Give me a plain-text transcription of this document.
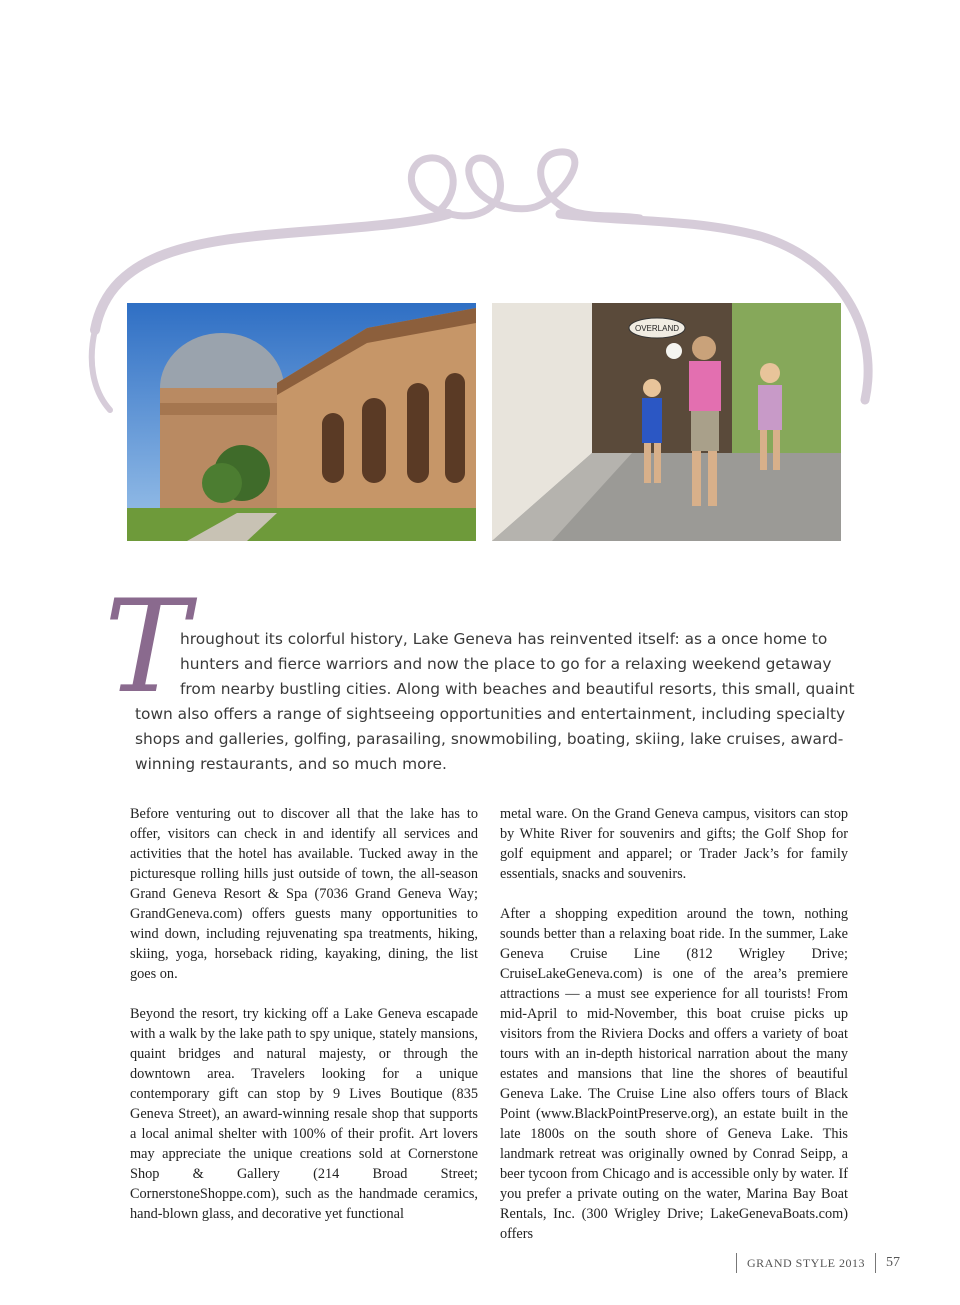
OVERLAND
T
hroughout its colorful history, Lake Geneva has reinvented itself: as a once home to
hunters and fierce warriors and now the place to go for a relaxing weekend getaway
from nearby bustling cities. Along with beaches and beautiful resorts, this small, quaint
town also offers a range of sightseeing opportunities and entertainment, including specialty
shops and galleries, golfing, parasailing, snowmobiling, boating, skiing, lake cruises, award-
winning restaurants, and so much more.

Before venturing out to discover all that the lake has to offer, visitors can check in and identify all services and activities that the hotel has available. Tucked away in the picturesque rolling hills just outside of town, the all-season Grand Geneva Resort & Spa (7036 Grand Geneva Way; GrandGeneva.com) offers guests many opportunities to wind down, including rejuvenating spa treatments, hiking, skiing, yoga, horseback riding, kayaking, dining, the list goes on.

Beyond the resort, try kicking off a Lake Geneva escapade with a walk by the lake path to spy unique, stately mansions, quaint bridges and natural majesty, or through the downtown area. Travelers looking for a unique contemporary gift can stop by 9 Lives Boutique (835 Geneva Street), an award-winning resale shop that supports a local animal shelter with 100% of their profit. Art lovers may appreciate the unique creations sold at Cornerstone Shop & Gallery (214 Broad Street; CornerstoneShoppe.com), such as the handmade ceramics, hand-blown glass, and decorative yet functional

metal ware. On the Grand Geneva campus, visitors can stop by White River for souvenirs and gifts; the Golf Shop for golf equipment and apparel; or Trader Jack’s for family essentials, snacks and souvenirs.

After a shopping expedition around the town, nothing sounds better than a relaxing boat ride. In the summer, Lake Geneva Cruise Line (812 Wrigley Drive; CruiseLakeGeneva.com) is one of the area’s premiere attractions — a must see experience for all tourists! From mid-April to mid-November, this boat cruise picks up visitors from the Riviera Docks and offers a variety of boat tours with an in-depth historical narration about the many estates and mansions that line the shores of beautiful Geneva Lake. The Cruise Line also offers tours of Black Point (www.BlackPointPreserve.org), an estate built in the late 1800s on the south shore of Geneva Lake. This landmark retreat was originally owned by Conrad Seipp, a beer tycoon from Chicago and is accessible only by water. If you prefer a private outing on the water, Marina Bay Boat Rentals, Inc. (300 Wrigley Drive; LakeGenevaBoats.com) offers

GRAND STYLE 2013 57
